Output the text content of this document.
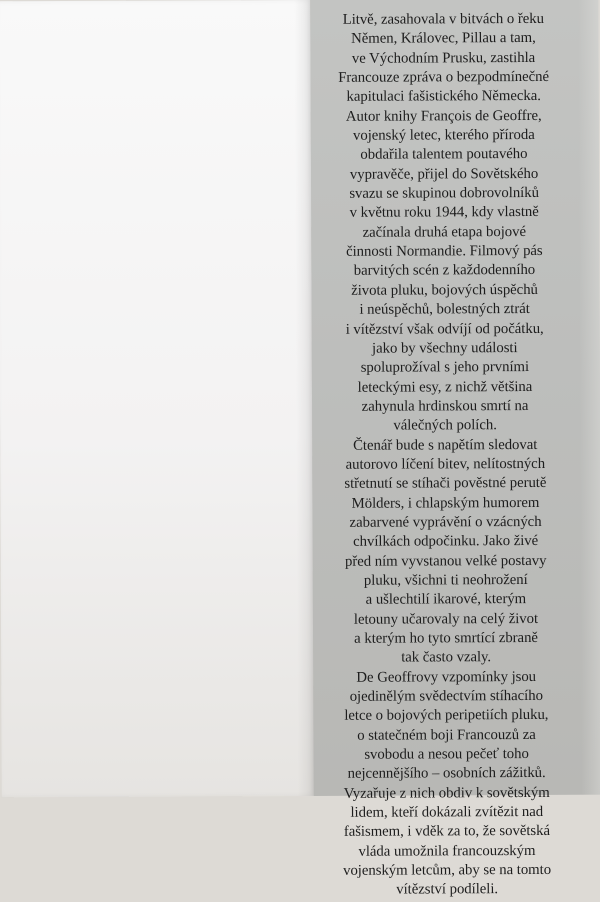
Litvě, zasahovala v bitvách o řeku
Němen, Královec, Pillau a tam,
ve Východním Prusku, zastihla
Francouze zpráva o bezpodmínečné
kapitulaci fašistického Německa.
Autor knihy François de Geoffre,
vojenský letec, kterého příroda
obdařila talentem poutavého
vypravěče, přijel do Sovětského
svazu se skupinou dobrovolníků
v květnu roku 1944, kdy vlastně
začínala druhá etapa bojové
činnosti Normandie. Filmový pás
barvitých scén z každodenního
života pluku, bojových úspěchů
i neúspěchů, bolestných ztrát
i vítězství však odvíjí od počátku,
jako by všechny události
spoluprožíval s jeho prvními
leteckými esy, z nichž většina
zahynula hrdinskou smrtí na
válečných polích.
Čtenář bude s napětím sledovat
autorovo líčení bitev, nelítostných
střetnutí se stíhači pověstné perutě
Mölders, i chlapským humorem
zabarvené vyprávění o vzácných
chvílkách odpočinku. Jako živé
před ním vyvstanou velké postavy
pluku, všichni ti neohrožení
a ušlechtilí ikarové, kterým
letouny učarovaly na celý život
a kterým ho tyto smrtící zbraně
tak často vzaly.
De Geoffrovy vzpomínky jsou
ojedinělým svědectvím stíhacího
letce o bojových peripetiích pluku,
o statečném boji Francouzů za
svobodu a nesou pečeť toho
nejcennějšího – osobních zážitků.
Vyzařuje z nich obdiv k sovětským
lidem, kteří dokázali zvítězit nad
fašismem, i vděk za to, že sovětská
vláda umožnila francouzským
vojenským letcům, aby se na tomto
vítězství podíleli.
